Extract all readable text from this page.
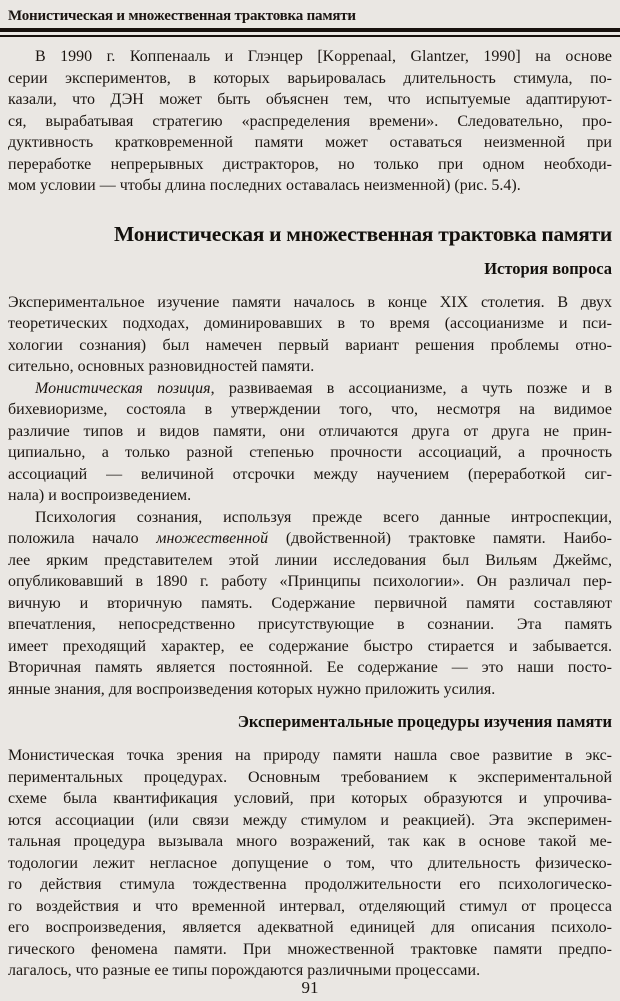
Монистическая и множественная трактовка памяти

В 1990 г. Коппенааль и Глэнцер [Koppenaal, Glantzer, 1990] на основе
серии экспериментов, в которых варьировалась длительность стимула, по-
казали, что ДЭН может быть объяснен тем, что испытуемые адаптируют-
ся, вырабатывая стратегию «распределения времени». Следовательно, про-
дуктивность кратковременной памяти может оставаться неизменной при
переработке непрерывных дистракторов, но только при одном необходи-
мом условии — чтобы длина последних оставалась неизменной) (рис. 5.4).

Монистическая и множественная трактовка памяти
История вопроса

Экспериментальное изучение памяти началось в конце XIX столетия. В двух
теоретических подходах, доминировавших в то время (ассоцианизме и пси-
хологии сознания) был намечен первый вариант решения проблемы отно-
сительно, основных разновидностей памяти.

Монистическая позиция, развиваемая в ассоцианизме, а чуть позже и в
бихевиоризме, состояла в утверждении того, что, несмотря на видимое
различие типов и видов памяти, они отличаются друга от друга не прин-
ципиально, а только разной степенью прочности ассоциаций, а прочность
ассоциаций — величиной отсрочки между научением (переработкой сиг-
нала) и воспроизведением.

Психология сознания, используя прежде всего данные интроспекции,
положила начало множественной (двойственной) трактовке памяти. Наибо-
лее ярким представителем этой линии исследования был Вильям Джеймс,
опубликовавший в 1890 г. работу «Принципы психологии». Он различал пер-
вичную и вторичную память. Содержание первичной памяти составляют
впечатления, непосредственно присутствующие в сознании. Эта память
имеет преходящий характер, ее содержание быстро стирается и забывается.
Вторичная память является постоянной. Ее содержание — это наши посто-
янные знания, для воспроизведения которых нужно приложить усилия.

Экспериментальные процедуры изучения памяти

Монистическая точка зрения на природу памяти нашла свое развитие в экс-
периментальных процедурах. Основным требованием к экспериментальной
схеме была квантификация условий, при которых образуются и упрочива-
ются ассоциации (или связи между стимулом и реакцией). Эта эксперимен-
тальная процедура вызывала много возражений, так как в основе такой ме-
тодологии лежит негласное допущение о том, что длительность физическо-
го действия стимула тождественна продолжительности его психологическо-
го воздействия и что временной интервал, отделяющий стимул от процесса
его воспроизведения, является адекватной единицей для описания психоло-
гического феномена памяти. При множественной трактовке памяти предпо-
лагалось, что разные ее типы порождаются различными процессами.

91
